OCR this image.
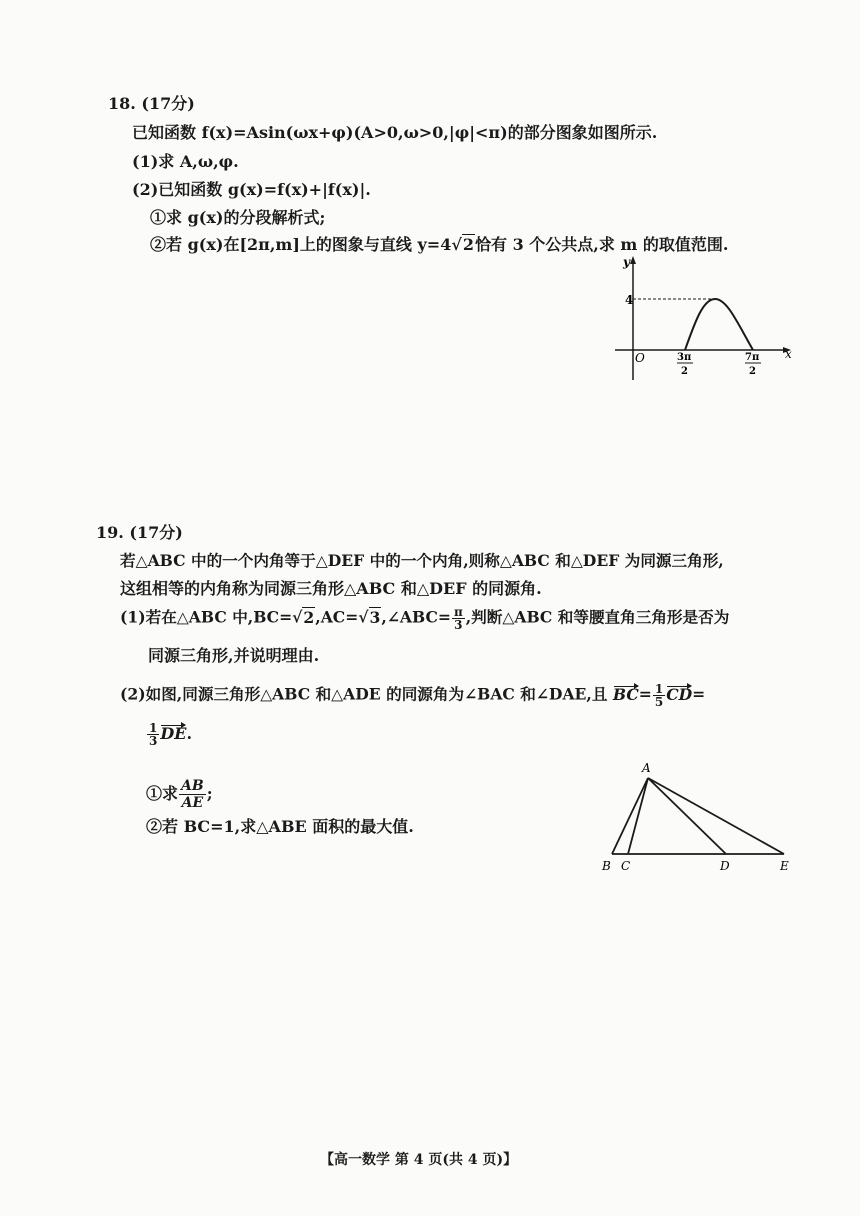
18. (17分)
已知函数 f(x)=Asin(ωx+φ)(A>0,ω>0,|φ|<π)的部分图象如图所示.
(1)求 A,ω,φ.
(2)已知函数 g(x)=f(x)+|f(x)|.
①求 g(x)的分段解析式;
②若 g(x)在[2π,m]上的图象与直线 y=4√2恰有 3 个公共点,求 m 的取值范围.
y
x
O
4
3π
2
7π
2
19. (17分)
若△ABC 中的一个内角等于△DEF 中的一个内角,则称△ABC 和△DEF 为同源三角形,
这组相等的内角称为同源三角形△ABC 和△DEF 的同源角.
(1)若在△ABC 中,BC=√2,AC=√3,∠ABC= $\frac{\pi}{3}$ ,判断△ABC 和等腰直角三角形是否为
同源三角形,并说明理由.
(2)如图,同源三角形△ABC 和△ADE 的同源角为∠BAC 和∠DAE,且 $BC= \frac{1}{5} CD=$
$\frac{1}{3}$ DE.
①求 $\frac{AB}{AE}$ ;
②若 BC=1,求△ABE 面积的最大值.
A
B C	D	E
【高一数学 第 4 页(共 4 页)】
